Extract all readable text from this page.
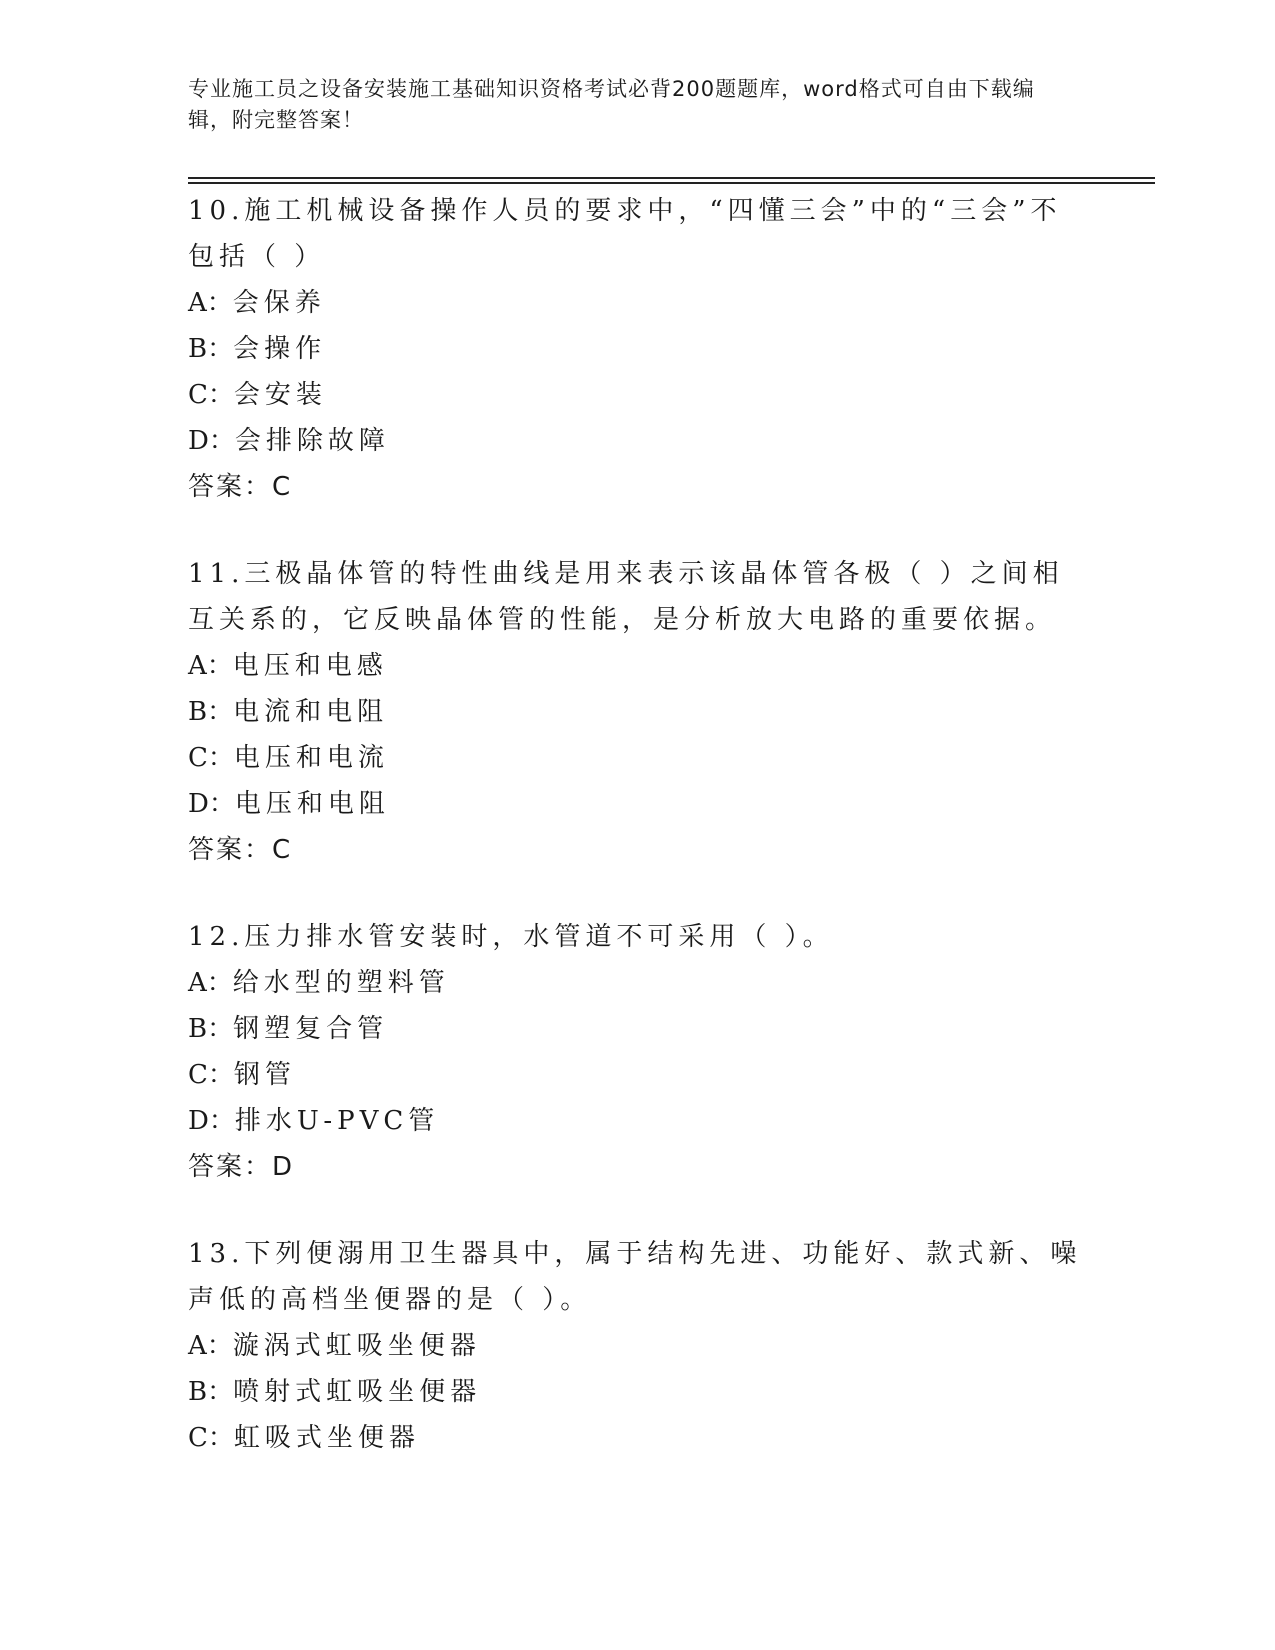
专业施工员之设备安装施工基础知识资格考试必背200题题库，word格式可自由下载编辑，附完整答案！

10.施工机械设备操作人员的要求中，“四懂三会”中的“三会”不包括（ ）

A：会保养
B：会操作
C：会安装
D：会排除故障

答案：C

11.三极晶体管的特性曲线是用来表示该晶体管各极（ ）之间相互关系的，它反映晶体管的性能，是分析放大电路的重要依据。

A：电压和电感
B：电流和电阻
C：电压和电流
D：电压和电阻

答案：C

12.压力排水管安装时，水管道不可采用（ ）。

A：给水型的塑料管
B：钢塑复合管
C：钢管
D：排水U-PVC管

答案：D

13.下列便溺用卫生器具中，属于结构先进、功能好、款式新、噪声低的高档坐便器的是（ ）。

A：漩涡式虹吸坐便器
B：喷射式虹吸坐便器
C：虹吸式坐便器
